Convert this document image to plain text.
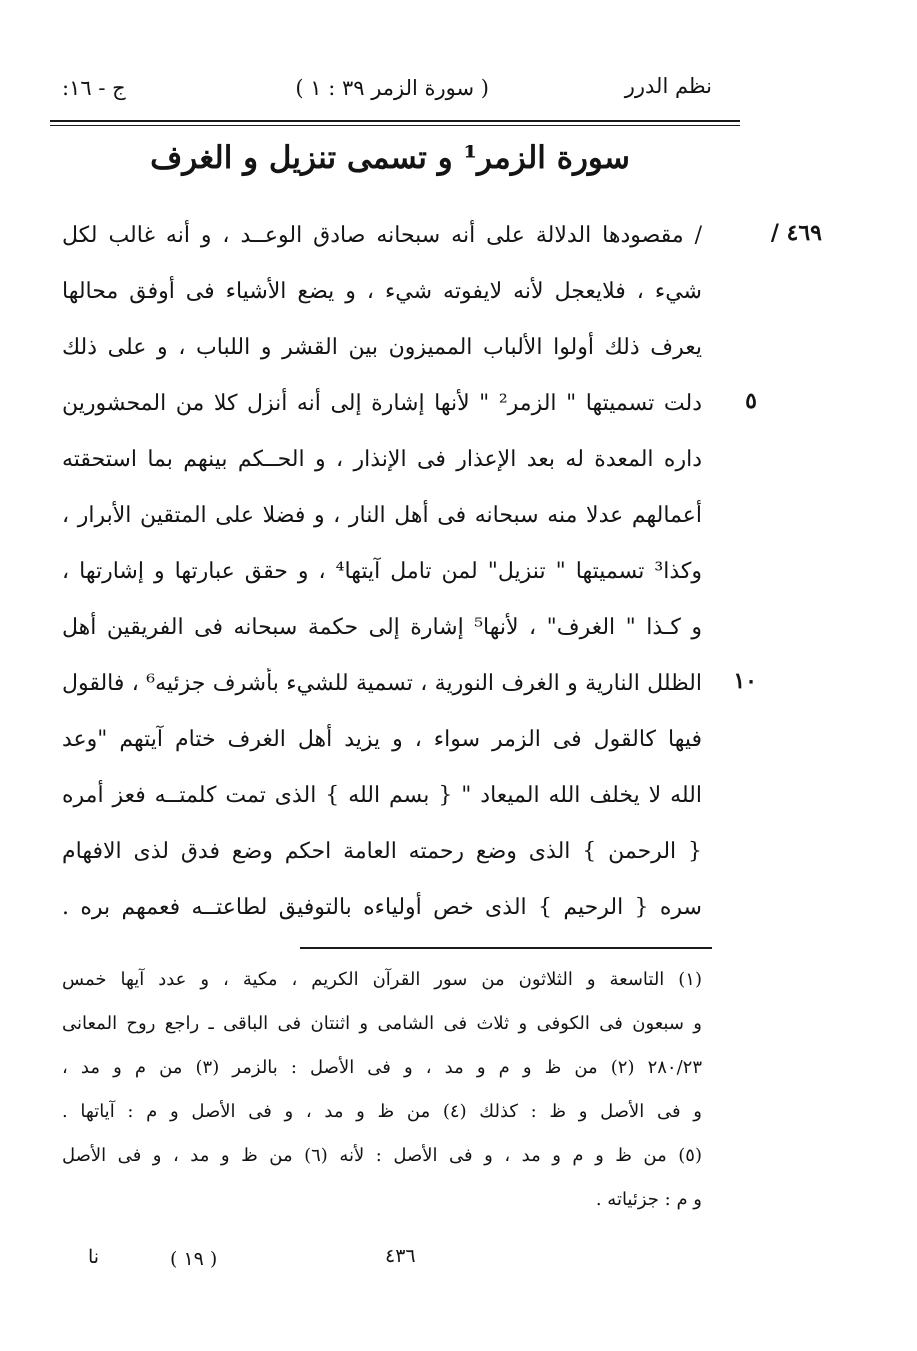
نظم الدرر
( سورة الزمر ٣٩ : ١ )
ج - ١٦:
سورة الزمر¹ و تسمى تنزيل و الغرف
٤٦٩ /
/ مقصودها الدلالة على أنه سبحانه صادق الوعــد ، و أنه غالب لكل
شيء ، فلايعجل لأنه لايفوته شيء ، و يضع الأشياء فى أوفق محالها
يعرف ذلك أولوا الألباب المميزون بين القشر و اللباب ، و على ذلك
دلت تسميتها " الزمر² " لأنها إشارة إلى أنه أنزل كلا من المحشورين ٥
داره المعدة له بعد الإعذار فى الإنذار ، و الحــكم بينهم بما استحقته
أعمالهم عدلا منه سبحانه فى أهل النار ، و فضلا على المتقين الأبرار ،
وكذا³ تسميتها " تنزيل" لمن تامل آيتها⁴ ، و حقق عبارتها و إشارتها ،
و كـذا " الغرف" ، لأنها⁵ إشارة إلى حكمة سبحانه فى الفريقين أهل
الظلل النارية و الغرف النورية ، تسمية للشيء بأشرف جزئيه⁶ ، فالقول ١٠
فيها كالقول فى الزمر سواء ، و يزيد أهل الغرف ختام آيتهم "وعد
الله لا يخلف الله الميعاد " { بسم الله } الذى تمت كلمتــه فعز أمره
{ الرحمن } الذى وضع رحمته العامة احكم وضع فدق لذى الافهام
سره { الرحيم } الذى خص أولياءه بالتوفيق لطاعتــه فعمهم بره .
(١) التاسعة و الثلاثون من سور القرآن الكريم ، مكية ، و عدد آيها خمس
و سبعون فى الكوفى و ثلاث فى الشامى و اثنتان فى الباقى ـ راجع روح المعانى
٢٨٠/٢٣ (٢) من ظ و م و مد ، و فى الأصل : بالزمر (٣) من م و مد ،
و فى الأصل و ظ : كذلك (٤) من ظ و مد ، و فى الأصل و م : آياتها .
(٥) من ظ و م و مد ، و فى الأصل : لأنه (٦) من ظ و مد ، و فى الأصل
و م : جزئياته .
٤٣٦
( ١٩ )
نا
